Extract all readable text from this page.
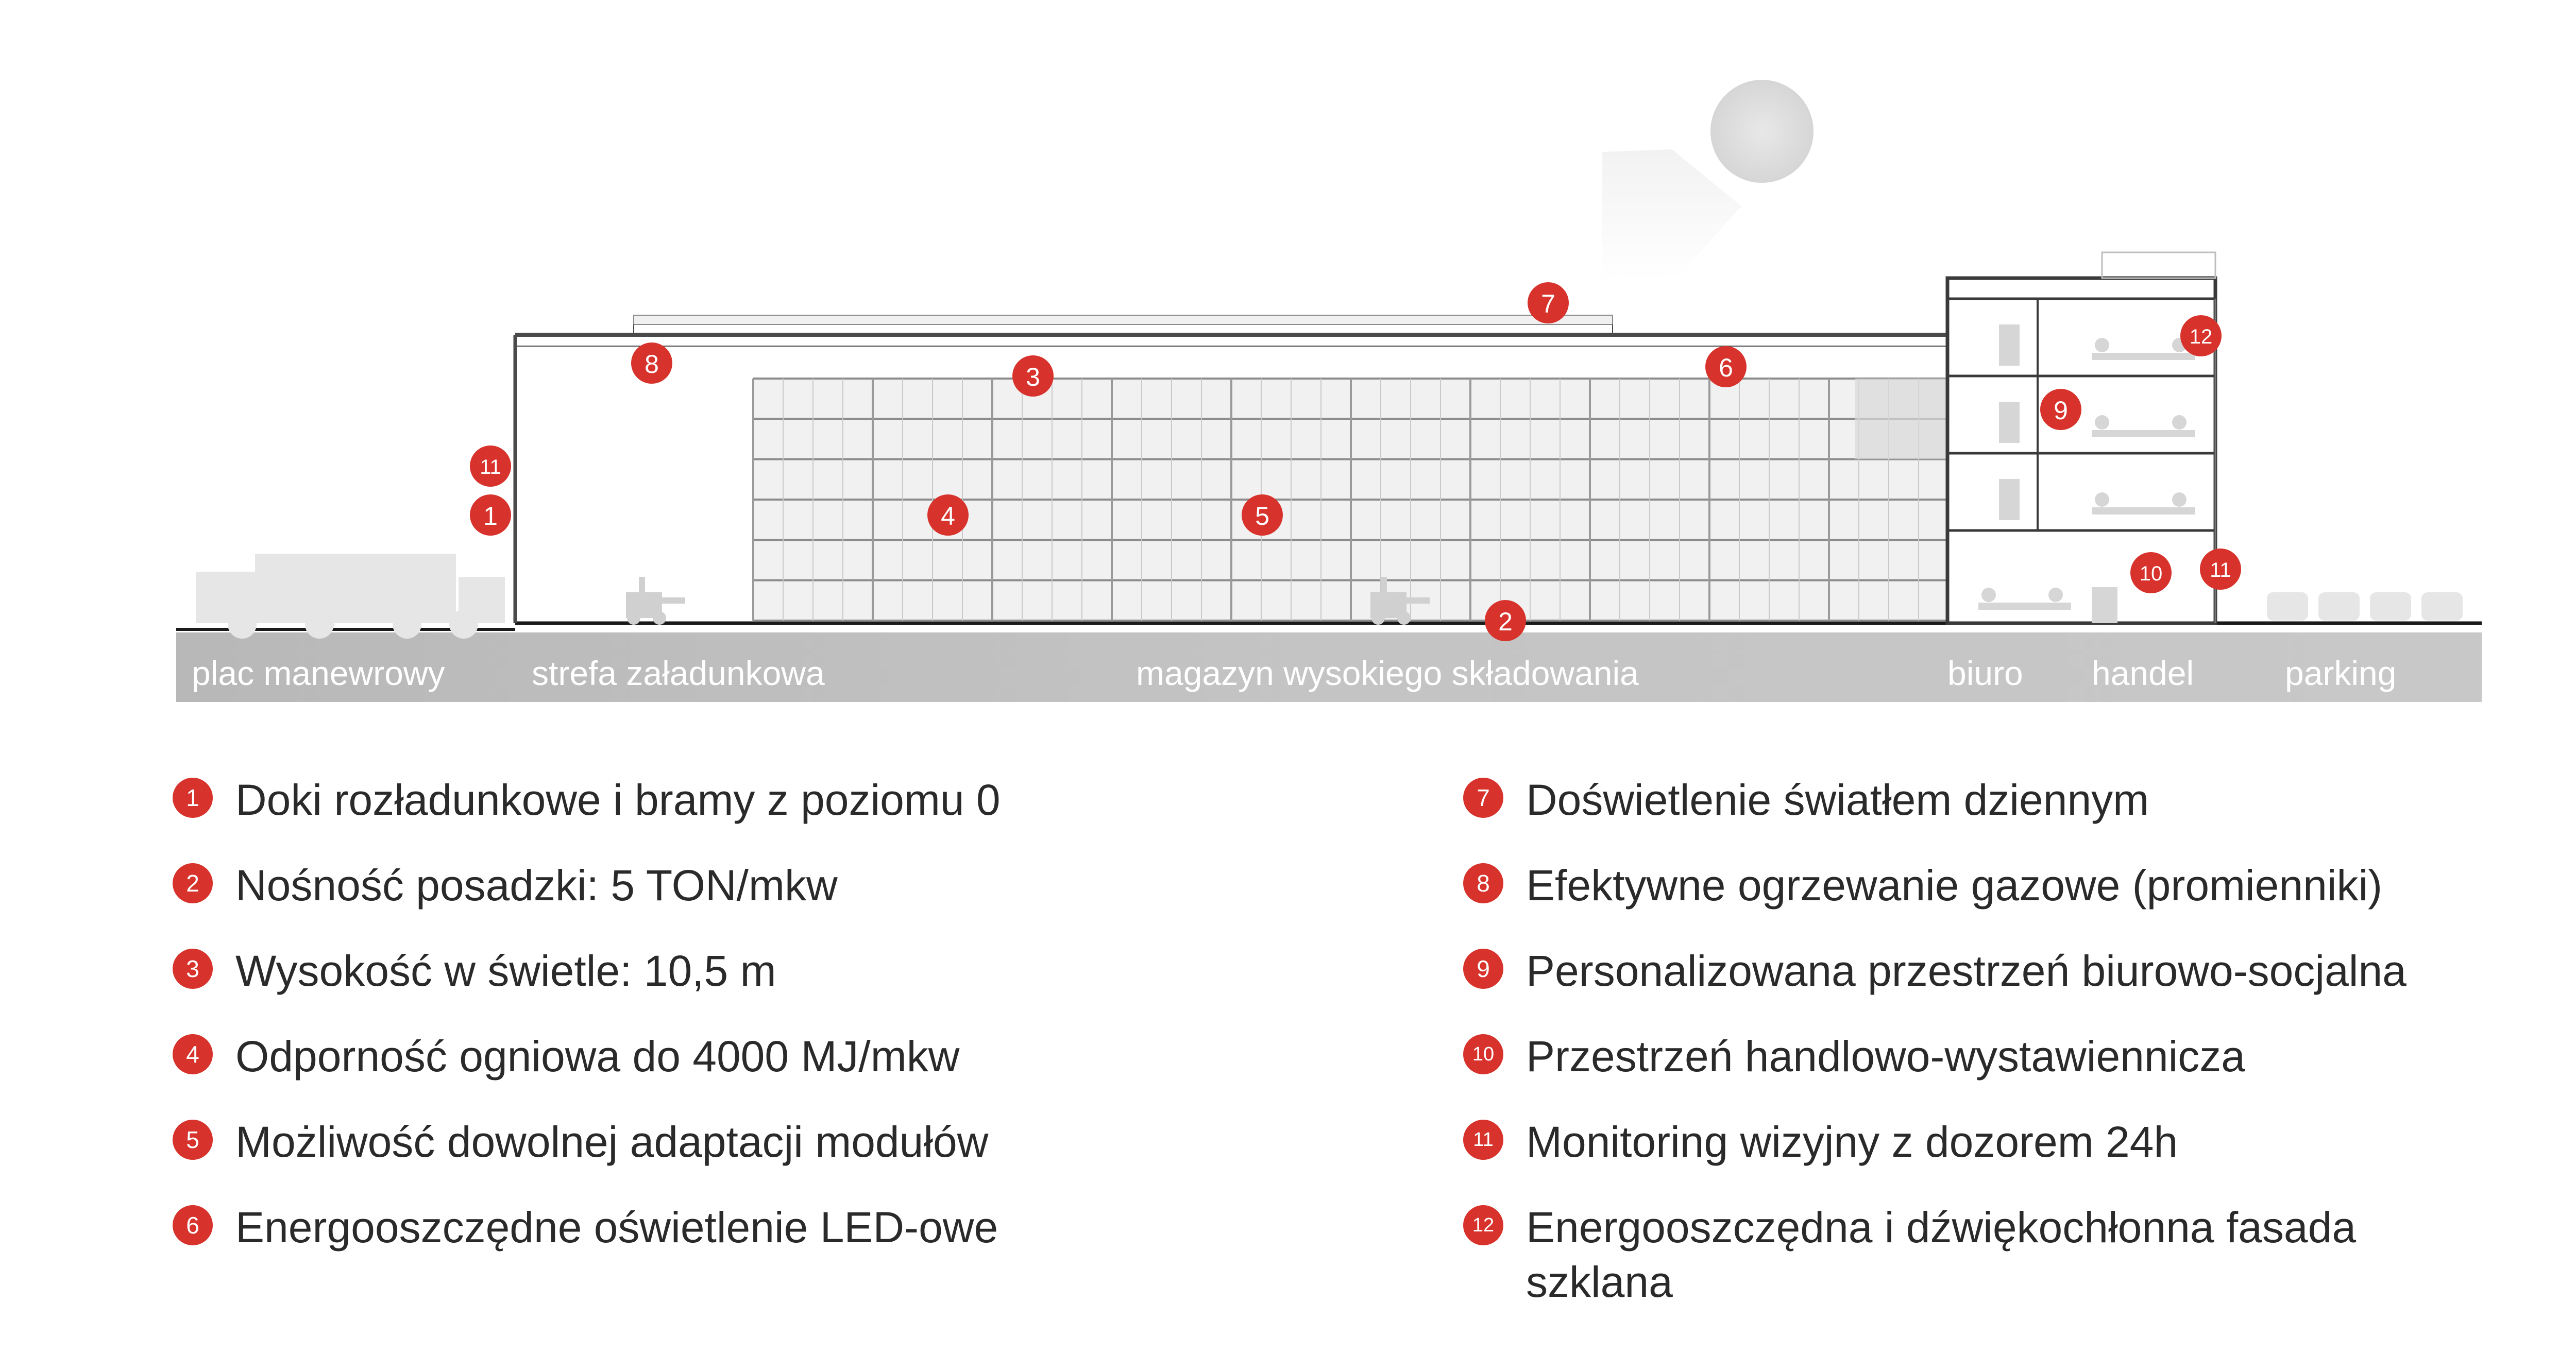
plac manewrowy	strefa załadunkowa	magazyn wysokiego składowania	biuro handel	parking
7
8	3	6
12
9
11
1	4	5
10 11
2
1 Doki rozładunkowe i bramy z poziomu 0
2 Nośność posadzki: 5 TON/mkw
3 Wysokość w świetle: 10,5 m
4 Odporność ogniowa do 4000 MJ/mkw
5 Możliwość dowolnej adaptacji modułów
6 Energooszczędne oświetlenie LED-owe
7 Doświetlenie światłem dziennym
8 Efektywne ogrzewanie gazowe (promienniki)
9 Personalizowana przestrzeń biurowo-socjalna
10 Przestrzeń handlowo-wystawiennicza
11 Monitoring wizyjny z dozorem 24h
12 Energooszczędna i dźwiękochłonna fasada szklana
